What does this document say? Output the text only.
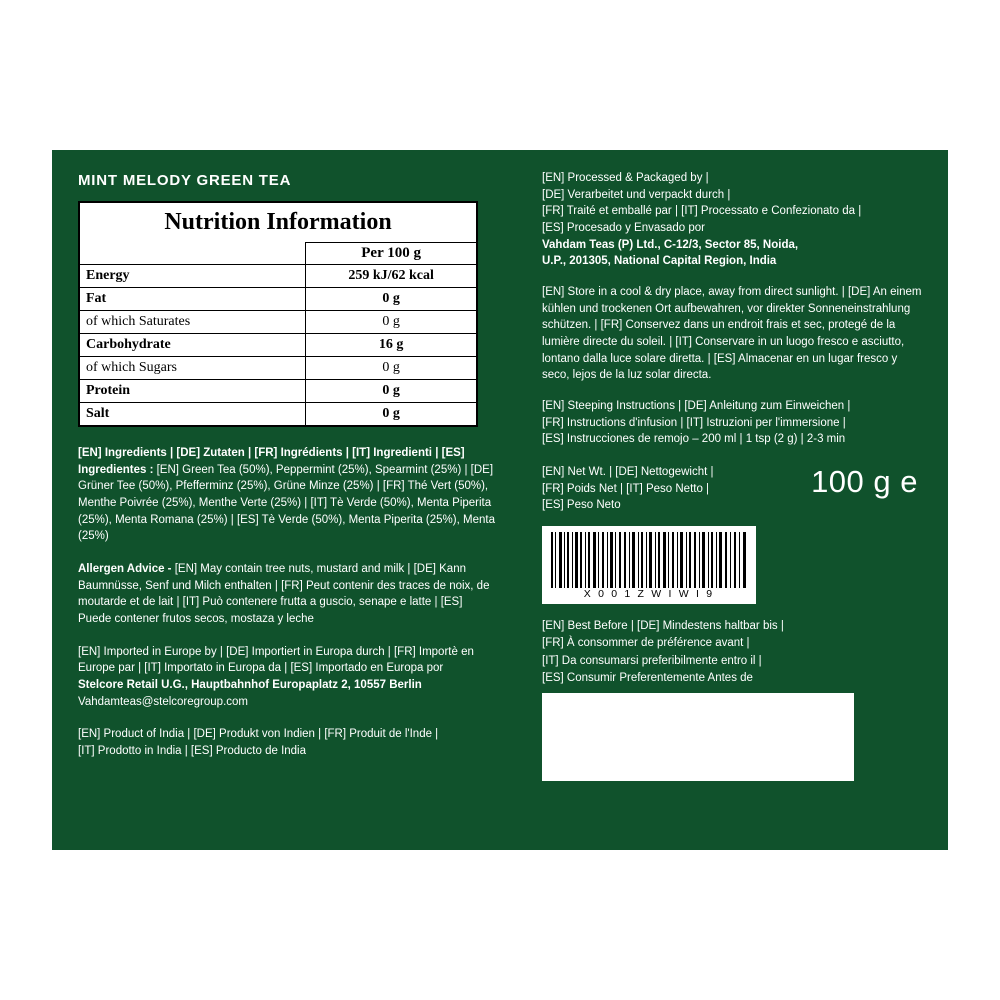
MINT MELODY GREEN TEA
Nutrition Information
	Per 100 g
Energy	259 kJ/62 kcal
Fat	0 g
of which Saturates	0 g
Carbohydrate	16 g
of which Sugars	0 g
Protein	0 g
Salt	0 g
[EN] Ingredients | [DE] Zutaten | [FR] Ingrédients | [IT] Ingredienti | [ES] Ingredientes : [EN] Green Tea (50%), Peppermint (25%), Spearmint (25%) | [DE] Grüner Tee (50%), Pfefferminz (25%), Grüne Minze (25%) | [FR] Thé Vert (50%), Menthe Poivrée (25%), Menthe Verte (25%) | [IT] Tè Verde (50%), Menta Piperita (25%), Menta Romana (25%) | [ES] Tè Verde (50%), Menta Piperita (25%), Menta (25%)
Allergen Advice - [EN] May contain tree nuts, mustard and milk | [DE] Kann Baumnüsse, Senf und Milch enthalten | [FR] Peut contenir des traces de noix, de moutarde et de lait | [IT] Può contenere frutta a guscio, senape e latte | [ES] Puede contener frutos secos, mostaza y leche
[EN] Imported in Europe by | [DE] Importiert in Europa durch | [FR] Importè en Europe par | [IT] Importato in Europa da | [ES] Importado en Europa por
Stelcore Retail U.G., Hauptbahnhof Europaplatz 2, 10557 Berlin
Vahdamteas@stelcoregroup.com
[EN] Product of India | [DE] Produkt von Indien | [FR] Produit de l'Inde |
[IT] Prodotto in India | [ES] Producto de India
[EN] Processed & Packaged by |
[DE] Verarbeitet und verpackt durch |
[FR] Traité et emballé par | [IT] Processato e Confezionato da |
[ES] Procesado y Envasado por
Vahdam Teas (P) Ltd., C-12/3, Sector 85, Noida,
U.P., 201305, National Capital Region, India
[EN] Store in a cool & dry place, away from direct sunlight. | [DE] An einem kühlen und trockenen Ort aufbewahren, vor direkter Sonneneinstrahlung schützen. | [FR] Conservez dans un endroit frais et sec, protegé de la lumière directe du soleil. | [IT] Conservare in un luogo fresco e asciutto, lontano dalla luce solare diretta. | [ES] Almacenar en un lugar fresco y seco, lejos de la luz solar directa.
[EN] Steeping Instructions | [DE] Anleitung zum Einweichen |
[FR] Instructions d'infusion | [IT] Istruzioni per l'immersione |
[ES] Instrucciones de remojo – 200 ml | 1 tsp (2 g) | 2-3 min
[EN] Net Wt. | [DE] Nettogewicht |
[FR] Poids Net | [IT] Peso Netto |
[ES] Peso Neto
100 g e
X 0 0 1 Z W I W I 9
[EN] Best Before | [DE] Mindestens haltbar bis |
[FR] À consommer de préférence avant |
[IT] Da consumarsi preferibilmente entro il |
[ES] Consumir Preferentemente Antes de
